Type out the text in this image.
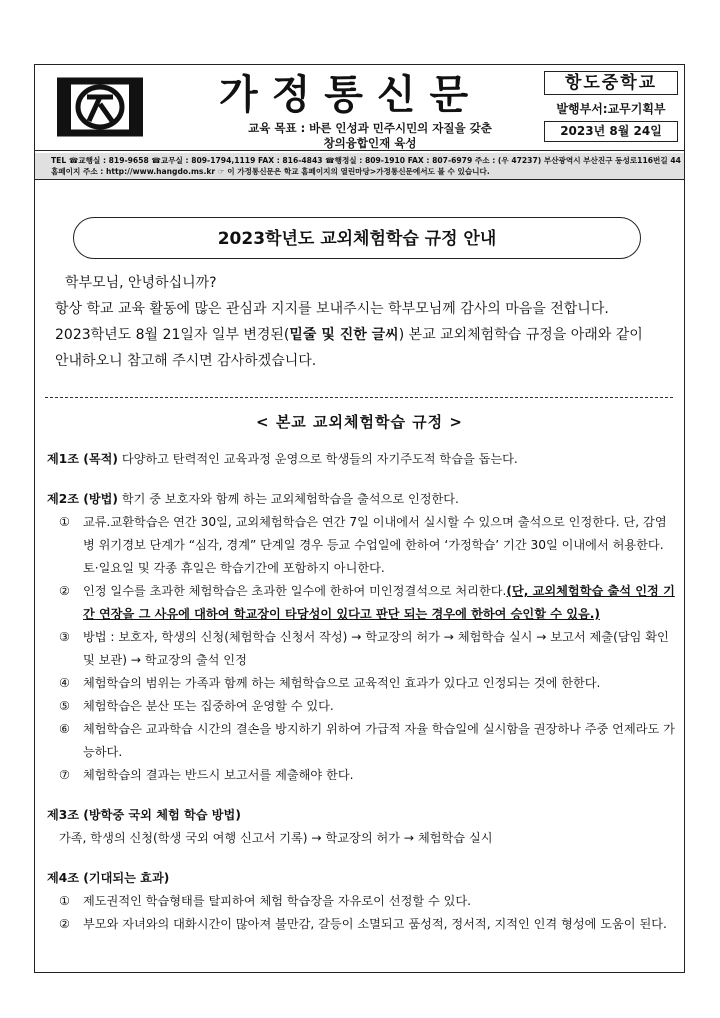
가정통신문
교육 목표 : 바른 인성과 민주시민의 자질을 갖춘
창의융합인재 육성
항도중학교
발행부서:교무기획부
2023년 8월 24일
TEL ☎교행실 : 819-9658 ☎교무실 : 809-1794,1119 FAX : 816-4843 ☎행정실 : 809-1910 FAX : 807-6979 주소 : (우 47237) 부산광역시 부산진구 동성로116번길 44
홈페이지 주소 : http://www.hangdo.ms.kr ☞ 이 가정통신문은 학교 홈페이지의 열린마당>가정통신문에서도 볼 수 있습니다.
2023학년도 교외체험학습 규정 안내
학부모님, 안녕하십니까?
항상 학교 교육 활동에 많은 관심과 지지를 보내주시는 학부모님께 감사의 마음을 전합니다.
2023학년도 8월 21일자 일부 변경된(밑줄 및 진한 글씨) 본교 교외체험학습 규정을 아래와 같이
안내하오니 참고해 주시면 감사하겠습니다.
< 본교 교외체험학습 규정 >
제1조 (목적) 다양하고 탄력적인 교육과정 운영으로 학생들의 자기주도적 학습을 돕는다.
제2조 (방법) 학기 중 보호자와 함께 하는 교외체험학습을 출석으로 인정한다.
①	교류.교환학습은 연간 30일, 교외체험학습은 연간 7일 이내에서 실시할 수 있으며 출석으로 인정한다. 단, 감염병 위기경보 단계가 “심각, 경계” 단계일 경우 등교 수업일에 한하여 ‘가정학습’ 기간 30일 이내에서 허용한다. 토·일요일 및 각종 휴일은 학습기간에 포함하지 아니한다.
②	인정 일수를 초과한 체험학습은 초과한 일수에 한하여 미인정결석으로 처리한다.(단, 교외체험학습 출석 인정 기간 연장을 그 사유에 대하여 학교장이 타당성이 있다고 판단 되는 경우에 한하여 승인할 수 있음.)
③	방법 : 보호자, 학생의 신청(체험학습 신청서 작성) → 학교장의 허가 → 체험학습 실시 → 보고서 제출(담임 확인 및 보관) → 학교장의 출석 인정
④	체험학습의 범위는 가족과 함께 하는 체험학습으로 교육적인 효과가 있다고 인정되는 것에 한한다.
⑤	체험학습은 분산 또는 집중하여 운영할 수 있다.
⑥	체험학습은 교과학습 시간의 결손을 방지하기 위하여 가급적 자율 학습일에 실시함을 권장하나 주중 언제라도 가능하다.
⑦	체험학습의 결과는 반드시 보고서를 제출해야 한다.
제3조 (방학중 국외 체험 학습 방법)
가족, 학생의 신청(학생 국외 여행 신고서 기록) → 학교장의 허가 → 체험학습 실시
제4조 (기대되는 효과)
①	제도권적인 학습형태를 탈피하여 체험 학습장을 자유로이 선정할 수 있다.
②	부모와 자녀와의 대화시간이 많아져 불만감, 갈등이 소멸되고 품성적, 정서적, 지적인 인격 형성에 도움이 된다.
